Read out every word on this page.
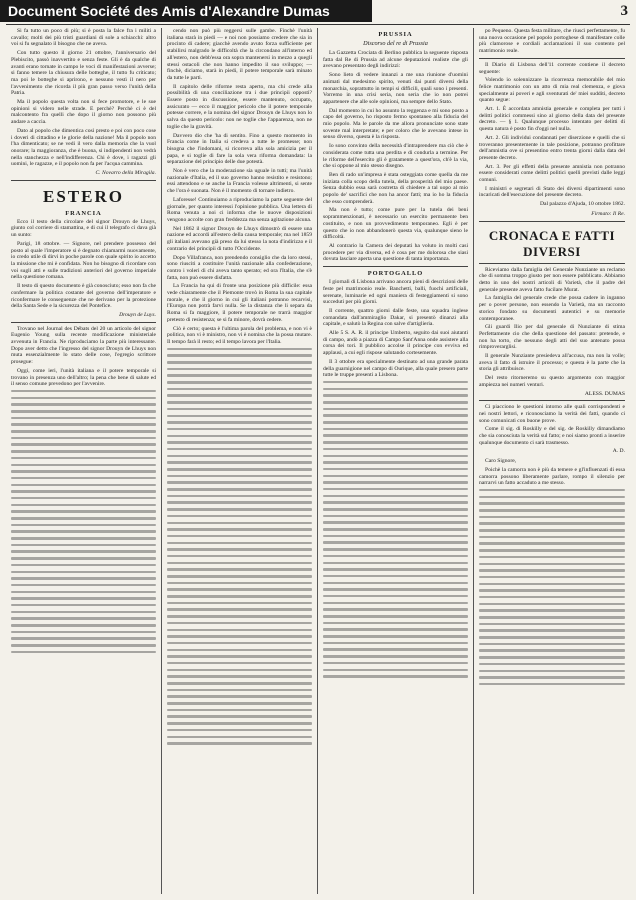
Document Société des Amis d'Alexandre Dumas	3

Si fa tutto un poco di più; si è posta la falce fra i militi a cavallo; molti dei più tristi guardiani di sole a schiacchi: altro voi si fu segnalato il bisogno che ne aveva.

Con tutto questo il giorno 21 ottobre, l'anniversario del Plebiscito, passò inavvertito e senza feste. Gli è da qualche di avanti erano tornate in campo le voci di manifestazioni avverse; si fanno temere la chiusura delle botteghe, il tutto fu criticato; ma poi le botteghe si aprirono, e nessuno vestì il nero per l'avvenimento che ricorda il più gran passo verso l'unità della Patria.

Ma il popolo questa volta non si fece promotore, e le sue opinioni si videro nelle strade. E perchè? Perchè ci è del malcontento fra quelli che dopo il giorno non possono più andare a caccia.

Dato al popolo che dimentica così presto e poi con poco cose i doveri di cittadino e le glorie della nazione! Ma il popolo non l'ha dimenticato; se ne vedi il vero dalla memoria che la vuol onorare; la maggioranza, che è buona, si indipendenti non vedrà nella stanchezza e nell'indifferenza. Chi è dove, i ragazzi gli uomini, le ragazze, e il popolo non fa per l'acqua cammina.

C. Novarro della Miragila.
ESTERO
FRANCIA

Ecco il testo della circolare del signor Drouyn de Lhuys, giunto col corriere di stamattina, e di cui il telegrafo ci dava già un sunto:

Parigi, 18 ottobre. — Signore, nel prendere possesso del posto al quale l'imperatore si è degnato chiamarmi nuovamente, io credo utile di dirvi in poche parole con quale spirito io accetto la missione che mi è confidata. Non ho bisogno di ricordare con voi sugli atti e sulle tradizioni anteriori del governo imperiale nella questione romana.

Il testo di questo documento è già conosciuto; esso non fa che confermare la politica costante del governo dell'imperatore e riconfermare le conseguenze che ne derivano per la protezione della Santa Sede e la sicurezza del Pontefice.

Drouyn de Luys.

Trovano nel Journal des Débats del 20 un articolo del signor Eugenio Young sulla recente modificazione ministeriale avvenuta in Francia. Ne riproduciamo la parte più interessante. Dopo aver detto che l'ingresso del signor Drouyn de Lhuys non muta essenzialmente lo stato delle cose, l'egregio scrittore prosegue:

Oggi, come ieri, l'unità italiana e il potere temporale si trovano in presenza uno dell'altro; la pena che bene di salute ed il senso comune prevedono per l'avvenire.

cendo non può più reggersi sulle gambe. Finchè l'unità italiana starà in piedi — e noi non possiamo credere che sia in procinto di cadere; giacchè avendo avuto forza sufficiente per stabilirsi malgrado le difficoltà che la circondano all'interno ed all'estero, non debb'essa ora sopra mantenersi in mezzo a quegli stessi ostacoli che non hanno impedito il suo sviluppo; — finchè, diciamo, starà in piedi, il potere temporale sarà minato da tutte le parti.

Il capitolo delle riforme resta aperto, ma chi crede alla possibilità di una conciliazione tra i due principii opposti? Essere posto in discussione, essere mantenuto, occupato, assicurato — ecco il maggior pericolo che il potere temporale potesse correre, e la nomina del signor Drouyn de Lhuys non lo salva da questo pericolo: non ne toglie che l'apparenza, non ne toglie che la gravità.

Davvero dio che 'ha di sentito. Fino a questo momento in Francia come in Italia si credeva a tutte le promesse; non bisogna che l'indomani, si ricorreva alla sola amicizia per il papa, e si toglie di fare la sola vera riforma domandata: la separazione del principio delle due potestà.

Non è vero che la moderazione sia uguale in tutti; ma l'unità nazionale d'Italia, ed il suo governo hanno resistito e resistono; essi attendono e se anche la Francia volesse altrimenti, si sente che l'ora è suonata. Non è il momento di tornare indietro.

Laforesse! Continuiamo a riproduciamo la parte seguente del giornale, per quanto interessi l'opinione pubblica. Una lettera di Roma venuta a noi ci informa che le nuove disposizioni vengono accolte con gran freddezza ma senza agitazione alcuna.

Nel 1862 il signor Drouyn de Lhuys dimostrò di essere una nazione ed accordi all'estero della causa temporale; ma nel 1859 gli italiani avevano già preso da lui stesso la nota d'indirizzo e il contrario dei principii di tutto l'Occidente.

Dopo Villafranca, non prendendo consiglio che da loro stessi, sono riusciti a costituire l'unità nazionale alla confederazione, contro i voleri di chi aveva tanto sperato; ed ora l'Italia, che s'è fatta, non può essere disfatta.

La Francia ha qui di fronte una posizione più difficile: essa vede chiaramente che il Piemonte trovò in Roma la sua capitale morale, e che il giorno in cui gli italiani potranno recarvisi, l'Europa non potrà farvi nulla. Se la distanza che li separa da Roma si fa maggiore, il potere temporale ne trarrà maggior pretesto di resistenza; se si fa minore, dovrà cedere.

Ciò è certo; questa è l'ultima parola del problema, e non vi è politica, non vi è ministro, non vi è nomina che la possa mutare. Il tempo farà il resto; ed il tempo lavora per l'Italia.

PRUSSIA
Discorso del re di Prussia

La Gazzetta Crociata di Berlino pubblica la seguente risposta fatta dal Re di Prussia ad alcune deputazioni realiste che gli avevano presentato degli indirizzi:

Sono lieto di vedere innanzi a me una riunione d'uomini animati dal medesimo spirito, venuti dai punti diversi della monarchia, soprattutto in tempi si difficili, quali sono i presenti. Vorremo in una crisi seria, non seria che io non potrei appartenere che alle sole opinioni, ma sempre dello Stato.

Dal momento in cui ho assunto la reggenza e mi sono posto a capo del governo, ho risposto fermo spontaneo alla fiducia del mio popolo. Ma le parole da me allora pronunciate sono state sovente mal interpretate; e per coloro che le avevano intese in senso diverso, questa è la risposta.

Io sono convinto della necessità d'intraprendere ma ciò che è considerata come tutta una perdita e di condurla a termine. Per le riforme dell'esercito gli è gratamente a quest'ora, ch'è la via, che si oppone al mio stesso disegno.

Ben di rado un'impresa è stata osteggiata come quella da me iniziata colla scopo della tutela, della prosperità del mio paese. Senza dubbio essa sarà costretta di chiedere a tal uopo al mio popolo de' sacrifici che non ha ancor fatti; ma io ho la fiducia che esso comprenderà.

Ma non è tutto; come pure per la tutela dei beni soprammenzionati, è necessario un esercito permanente ben costituito, e non un provvedimento temporaneo. Egli è per questo che io non abbandonerò questa via, qualunque sieno le difficoltà.

Al contrario la Camera dei deputati ha voluto in molti casi procedere per via diversa, ed è cosa per me dolorosa che siasi dovuta lasciare aperta una questione di tanta importanza.

PORTOGALLO

I giornali di Lisbona arrivano ancora pieni di descrizioni delle feste pel matrimonio reale. Banchetti, balli, fuochi artificiali, serenate, luminarie ed ogni maniera di festeggiamenti si sono succeduti per più giorni.

Il corrente, quattro giorni dalle feste, una squadra inglese comandata dall'ammiraglio Dakar, si presentò dinanzi alla capitale, e salutò la Regina con salve d'artiglieria.

Alle 5 S. A. R. il principe Umberto, seguito dai suoi aiutanti di campo, andò a piazza di Campo Sant'Anna onde assistere alla corsa dei tori. Il pubblico accolse il principe con evviva ed applausi, a cui egli rispose salutando cortesemente.

Il 3 ottobre era specialmente destinato ad una grande parata della guarnigione nel campo di Ourique, alla quale presero parte tutte le truppe presenti a Lisbona.

po Pequeno. Questa festa militare, che riuscì perfettamente, fu una nuova occasione pel popolo portoghese di manifestare colle più clamorose e cordiali acclamazioni il suo contento pel matrimonio reale.

Il Diario di Lisbona dell'11 corrente contiene il decreto seguente:

Volendo io solennizzare la ricorrenza memorabile del mio felice matrimonio con un atto di mia real clemenza, e giova specialmente ai poveri e agli sventurati de' miei sudditi, decreto quanto segue:

Art. 1. È accordata amnistia generale e completa per tutti i delitti politici commessi sino al giorno della data del presente decreto. — § 1. Qualunque processo intentato per delitti di questa natura è posto fin d'oggi nel nulla.

Art. 2. Gli individui condannati per diserzione e quelli che si troveranno presentemente in tale posizione, potranno profittare dell'amnistia ove si presentino entro trenta giorni dalla data del presente decreto.

Art. 3. Per gli effetti della presente amnistia non potranno essere considerati come delitti politici quelli previsti dalle leggi comuni.

I ministri e segretari di Stato dei diversi dipartimenti sono incaricati dell'esecuzione del presente decreto.

Dal palazzo d'Ajuda, 10 ottobre 1862.
Firmato: Il Re.
CRONACA E FATTI DIVERSI

Riceviamo dalla famiglia del Generale Nunziante un reclamo che di somma troppo giusto per non essere pubblicato. Abbiamo detto in uno dei nostri articoli di Varietà, che il padre del generale presente aveva fatto fucilare Murat.

La famiglia del generale crede che possa cadere in inganno per o pover persone, non essendo la Varietà, ma un racconto storico fondato su documenti autentici e su memorie contemporanee.

Gli guardi Ilio per dal generale di Nunziante di stima Perfettamente cio che della questione del passato: pretende, e non ha torto, che nessuno degli atti del suo antenato possa rimproverarglisi.

Il generale Nunziante presiedeva all'accusa, ma non la volle; aveva il fatto di istruire il processo; e questa è la parte che la storia gli attribuisce.

Del resto ritorneremo su questo argomento con maggior ampiezza nei numeri venturi.

ALESS. DUMAS

Ci piacciono le questioni intorno alle quali corrispondenti e nei nostri lettori, e riconosciamo la verità dei fatti, quando ci sono comunicati con buone prove.

Come il sig. di Roskilly e del sig. de Roskilly dimandiamo che sia conosciuta la verità sul fatto; e noi siamo pronti a inserire qualunque documento ci sarà trasmesso.

A. D.

Caro Signore,

Poichè la camorra non è più da temere e gl'influenzati di essa camorra possono liberamente parlare, rompo il silenzio per narrarvi un fatto accaduto a me stesso.
